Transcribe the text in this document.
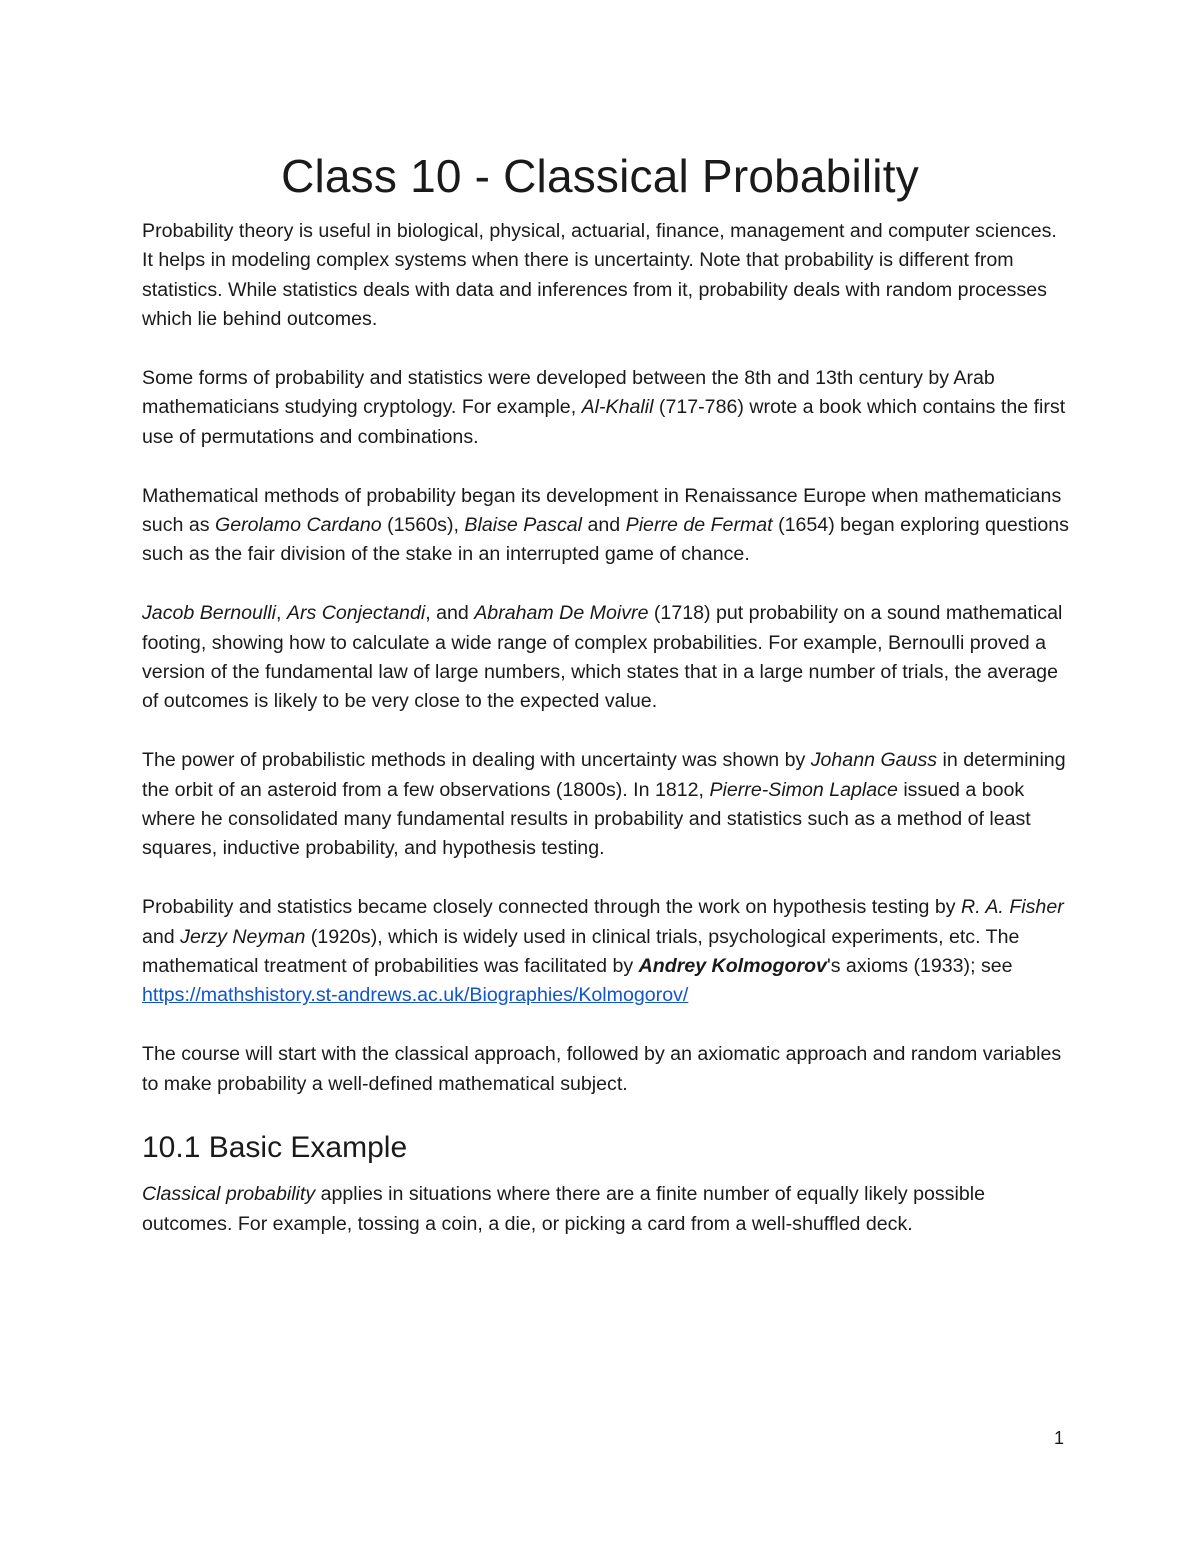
Class 10 - Classical Probability

Probability theory is useful in biological, physical, actuarial, finance, management and computer sciences. It helps in modeling complex systems when there is uncertainty. Note that probability is different from statistics. While statistics deals with data and inferences from it, probability deals with random processes which lie behind outcomes.

Some forms of probability and statistics were developed between the 8th and 13th century by Arab mathematicians studying cryptology. For example, Al-Khalil (717-786) wrote a book which contains the first use of permutations and combinations.

Mathematical methods of probability began its development in Renaissance Europe when mathematicians such as Gerolamo Cardano (1560s), Blaise Pascal and Pierre de Fermat (1654) began exploring questions such as the fair division of the stake in an interrupted game of chance.

Jacob Bernoulli, Ars Conjectandi, and Abraham De Moivre (1718) put probability on a sound mathematical footing, showing how to calculate a wide range of complex probabilities. For example, Bernoulli proved a version of the fundamental law of large numbers, which states that in a large number of trials, the average of outcomes is likely to be very close to the expected value.

The power of probabilistic methods in dealing with uncertainty was shown by Johann Gauss in determining the orbit of an asteroid from a few observations (1800s). In 1812, Pierre-Simon Laplace issued a book where he consolidated many fundamental results in probability and statistics such as a method of least squares, inductive probability, and hypothesis testing.

Probability and statistics became closely connected through the work on hypothesis testing by R. A. Fisher and Jerzy Neyman (1920s), which is widely used in clinical trials, psychological experiments, etc. The mathematical treatment of probabilities was facilitated by Andrey Kolmogorov's axioms (1933); see
https://mathshistory.st-andrews.ac.uk/Biographies/Kolmogorov/

The course will start with the classical approach, followed by an axiomatic approach and random variables to make probability a well-defined mathematical subject.

10.1 Basic Example

Classical probability applies in situations where there are a finite number of equally likely possible outcomes. For example, tossing a coin, a die, or picking a card from a well-shuffled deck.

1
